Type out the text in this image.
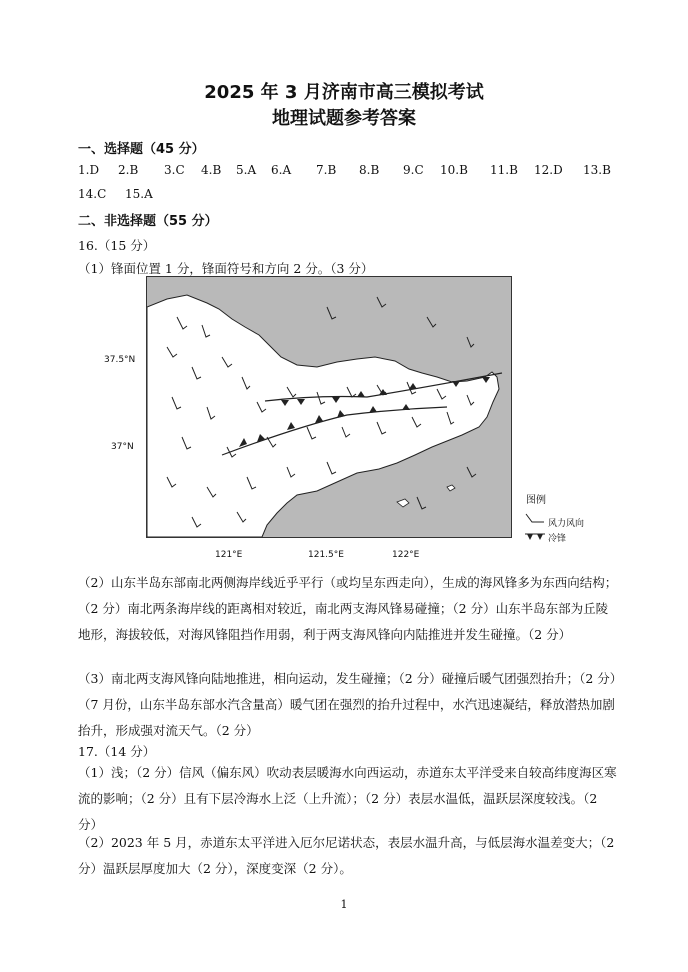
2025 年 3 月济南市高三模拟考试
地理试题参考答案
一、选择题（45 分）
1.D 2.B 3.C 4.B 5.A 6.A 7.B 8.B 9.C 10.B 11.B 12.D 13.B
14.C 15.A
二、非选择题（55 分）
16.（15 分）
（1）锋面位置 1 分，锋面符号和方向 2 分。（3 分）
37.5°N
37°N
121°E	121.5°E	122°E
图例
风力风向
冷锋
（2）山东半岛东部南北两侧海岸线近乎平行（或均呈东西走向），生成的海风锋多为东西向结构；（2 分）南北两条海岸线的距离相对较近，南北两支海风锋易碰撞；（2 分）山东半岛东部为丘陵地形，海拔较低，对海风锋阻挡作用弱，利于两支海风锋向内陆推进并发生碰撞。（2 分）
（3）南北两支海风锋向陆地推进，相向运动，发生碰撞；（2 分）碰撞后暖气团强烈抬升；（2 分）（7 月份，山东半岛东部水汽含量高）暖气团在强烈的抬升过程中，水汽迅速凝结，释放潜热加剧抬升，形成强对流天气。（2 分）
17.（14 分）
（1）浅；（2 分）信风（偏东风）吹动表层暖海水向西运动，赤道东太平洋受来自较高纬度海区寒流的影响；（2 分）且有下层冷海水上泛（上升流）；（2 分）表层水温低，温跃层深度较浅。（2 分）
（2）2023 年 5 月，赤道东太平洋进入厄尔尼诺状态，表层水温升高，与低层海水温差变大；（2 分）温跃层厚度加大（2 分），深度变深（2 分）。
1
